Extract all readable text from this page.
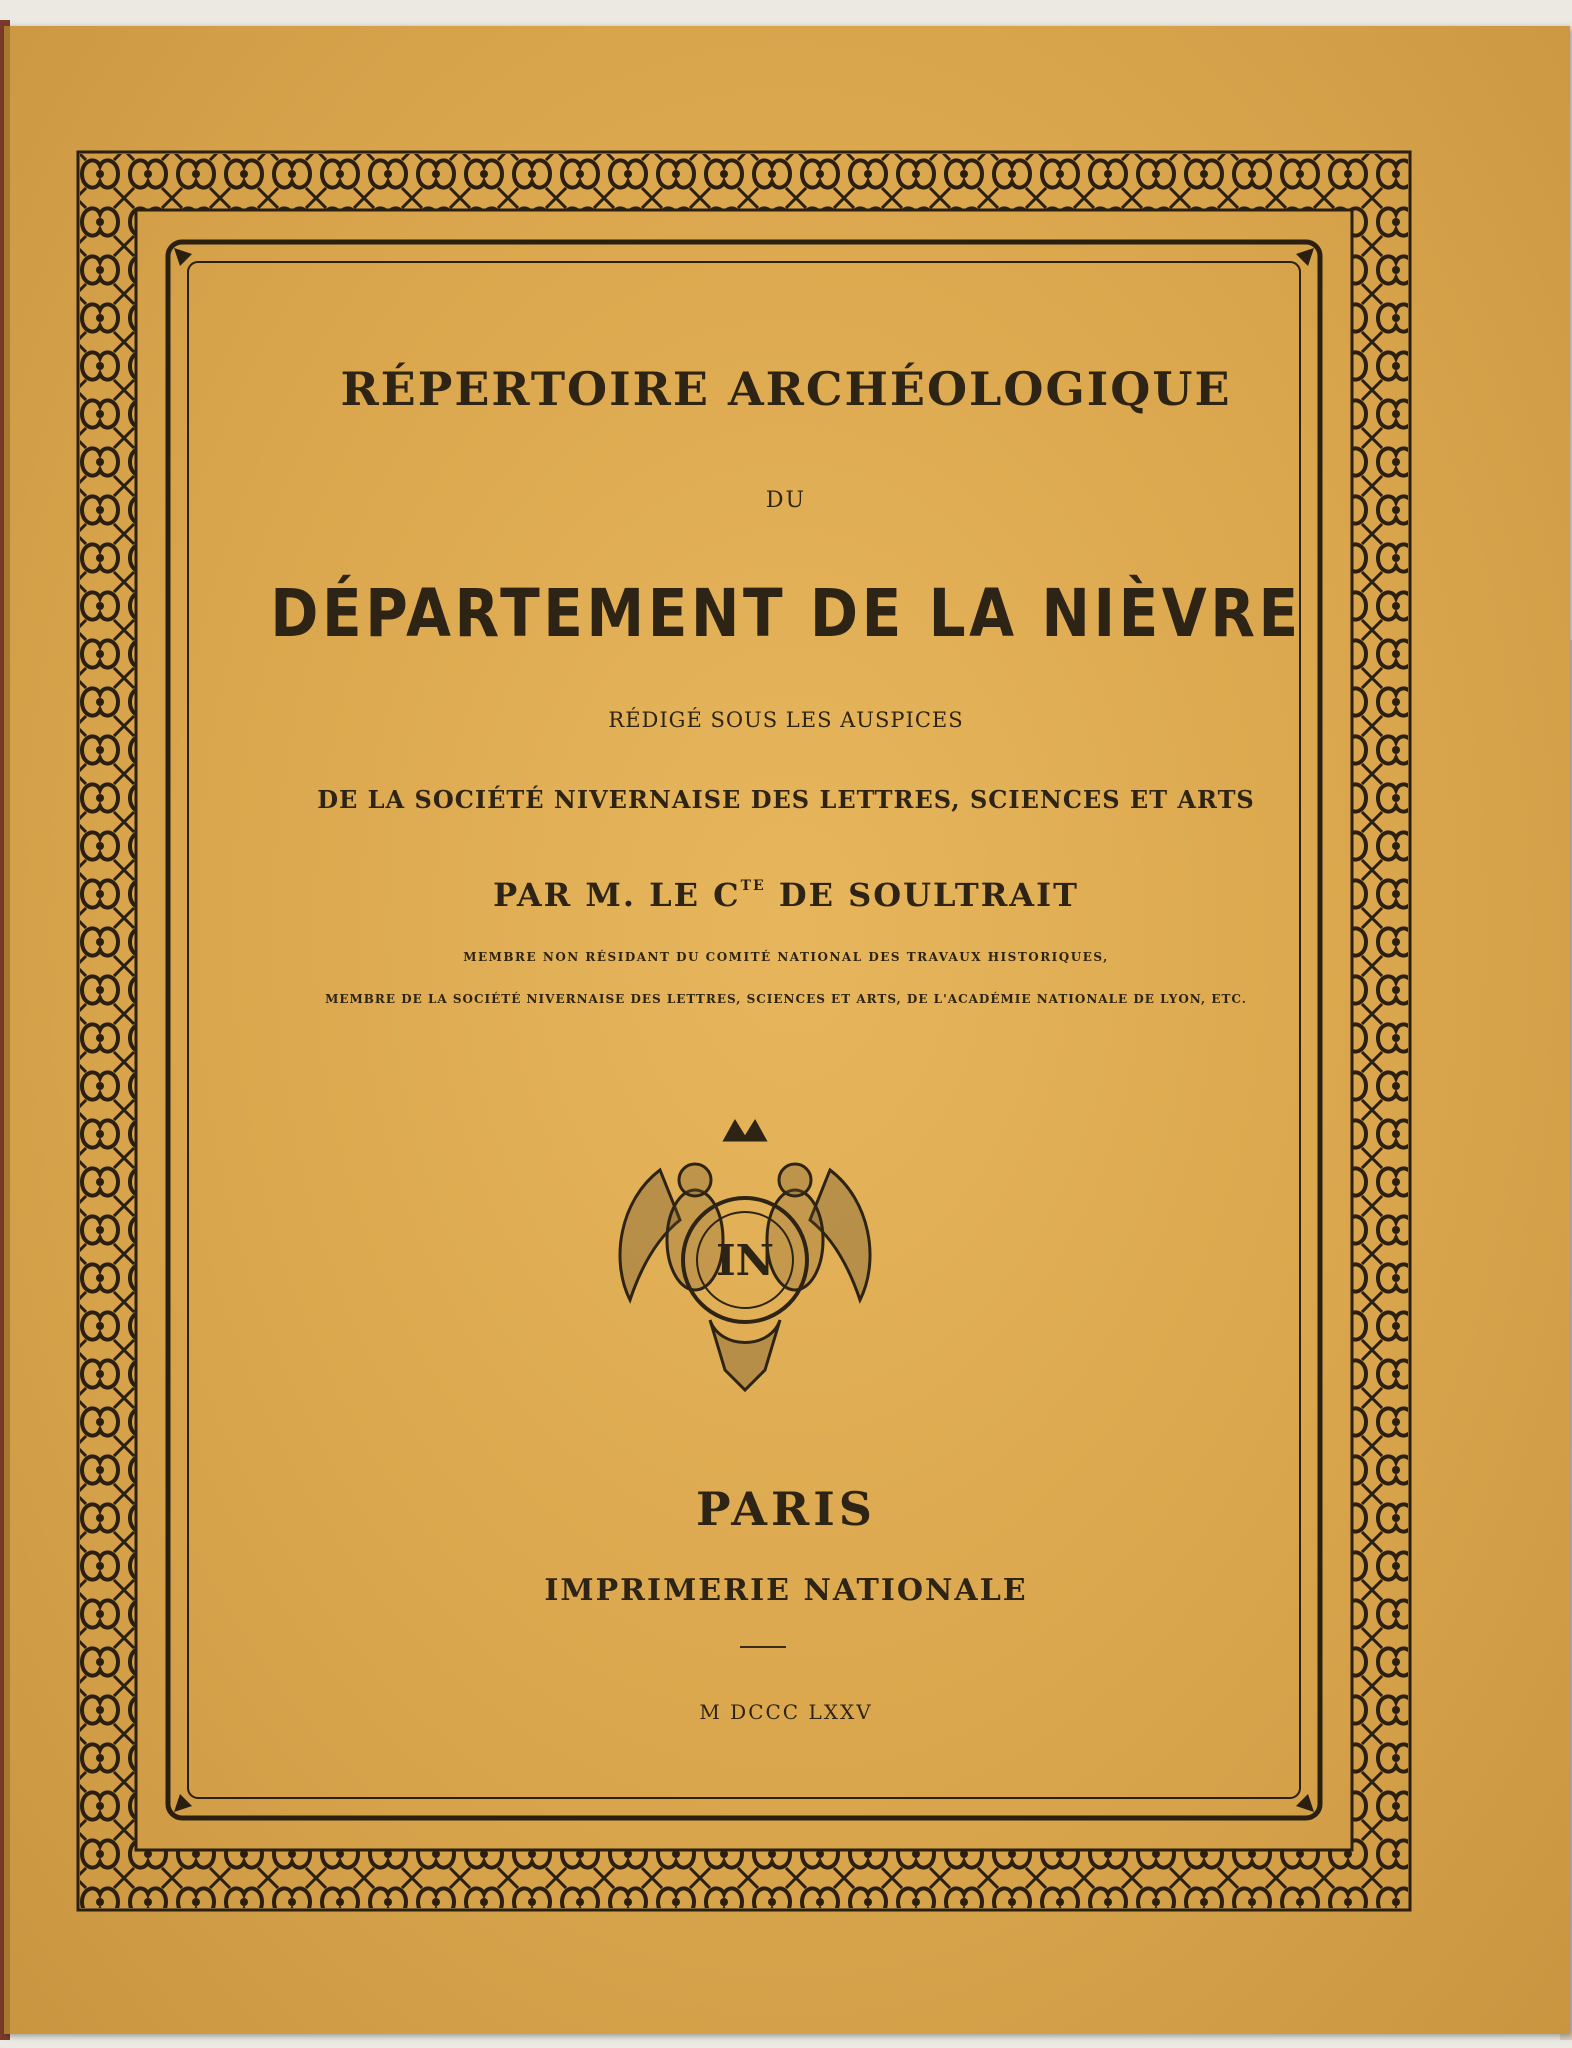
RÉPERTOIRE ARCHÉOLOGIQUE
DU
DÉPARTEMENT DE LA NIÈVRE
RÉDIGÉ SOUS LES AUSPICES
DE LA SOCIÉTÉ NIVERNAISE DES LETTRES, SCIENCES ET ARTS
PAR M. LE $C^{TE}$ DE SOULTRAIT
MEMBRE NON RÉSIDANT DU COMITÉ NATIONAL DES TRAVAUX HISTORIQUES,
MEMBRE DE LA SOCIÉTÉ NIVERNAISE DES LETTRES, SCIENCES ET ARTS, DE L'ACADÉMIE NATIONALE DE LYON, ETC.
IN
PARIS
IMPRIMERIE NATIONALE
M DCCC LXXV
